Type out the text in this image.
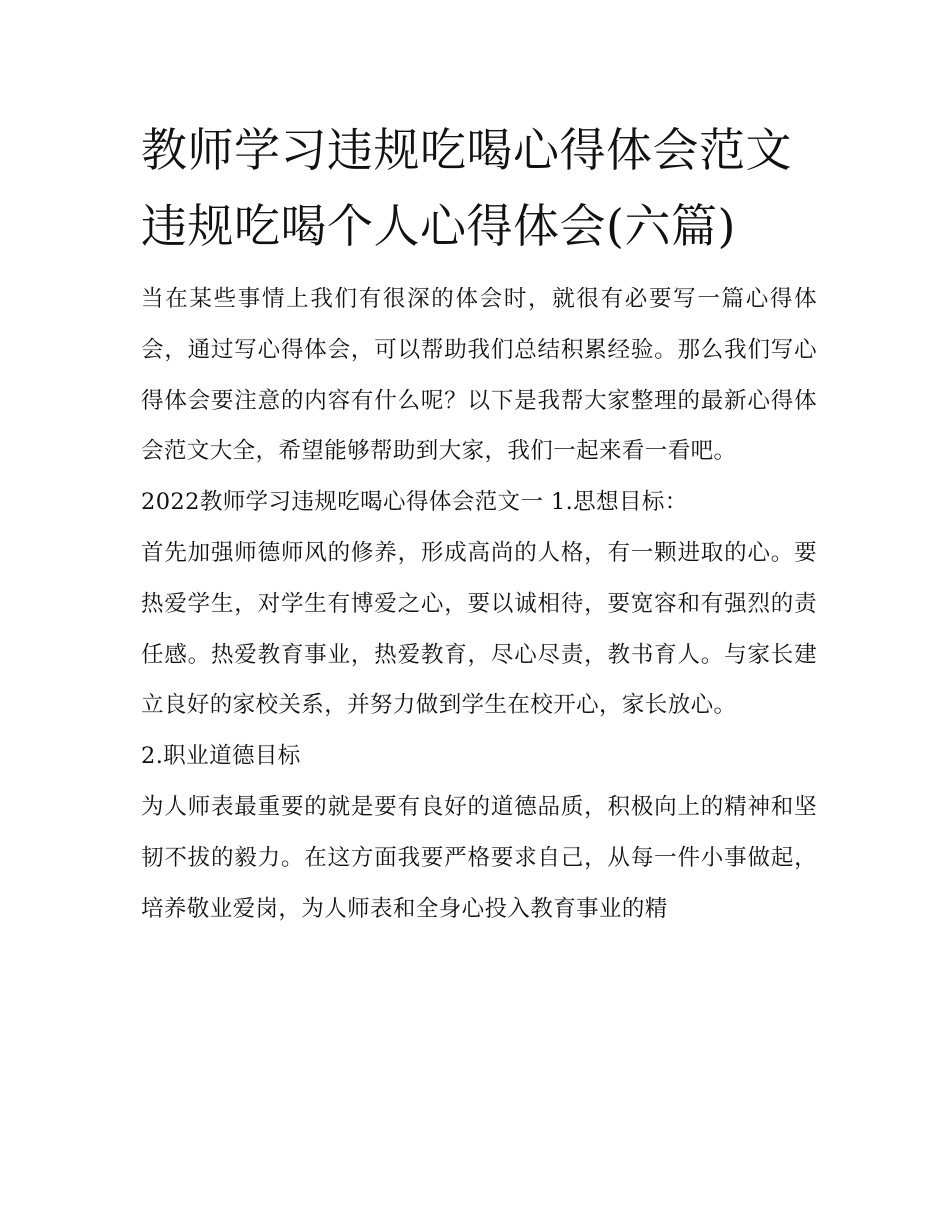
教师学习违规吃喝心得体会范文 违规吃喝个人心得体会(六篇)

当在某些事情上我们有很深的体会时，就很有必要写一篇心得体会，通过写心得体会，可以帮助我们总结积累经验。那么我们写心得体会要注意的内容有什么呢？以下是我帮大家整理的最新心得体会范文大全，希望能够帮助到大家，我们一起来看一看吧。

2022教师学习违规吃喝心得体会范文一 1.思想目标：

首先加强师德师风的修养，形成高尚的人格，有一颗进取的心。要热爱学生，对学生有博爱之心，要以诚相待，要宽容和有强烈的责任感。热爱教育事业，热爱教育，尽心尽责，教书育人。与家长建立良好的家校关系，并努力做到学生在校开心，家长放心。

2.职业道德目标

为人师表最重要的就是要有良好的道德品质，积极向上的精神和坚韧不拔的毅力。在这方面我要严格要求自己，从每一件小事做起，培养敬业爱岗，为人师表和全身心投入教育事业的精
